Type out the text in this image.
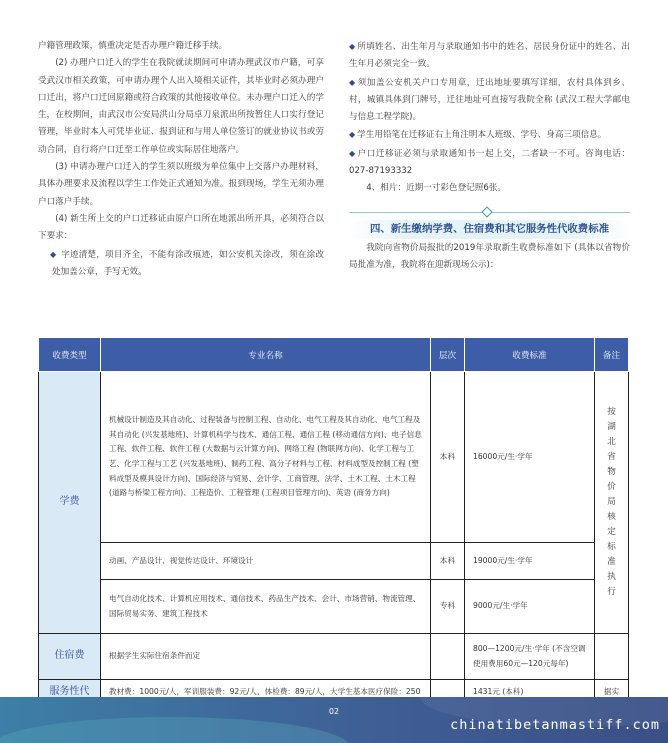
户籍管理政策，慎重决定是否办理户籍迁移手续。

(2) 办理户口迁入的学生在我院就读期间可申请办理武汉市户籍，可享受武汉市相关政策，可申请办理个人出入境相关证件，其毕业时必须办理户口迁出，将户口迁回原籍或符合政策的其他接收单位。未办理户口迁入的学生，在校期间，由武汉市公安局洪山分局卓刀泉派出所按暂住人口实行登记管理，毕业时本人可凭毕业证、报到证和与用人单位签订的就业协议书或劳动合同，自行将户口迁至工作单位或实际居住地落户。

(3) 申请办理户口迁入的学生须以班级为单位集中上交落户办理材料，具体办理要求及流程以学生工作处正式通知为准。报到现场，学生无须办理户口落户手续。

(4) 新生所上交的户口迁移证由原户口所在地派出所开具，必须符合以下要求：

◆ 字迹清楚，项目齐全，不能有涂改痕迹，如公安机关涂改，须在涂改处加盖公章，手写无效。

◆ 所填姓名、出生年月与录取通知书中的姓名、居民身份证中的姓名、出生年月必须完全一致。

◆ 须加盖公安机关户口专用章，迁出地址要填写详细，农村具体到乡、村，城镇具体到门牌号，迁往地址可直接写我院全称 (武汉工程大学邮电与信息工程学院)。

◆ 学生用铅笔在迁移证右上角注明本人班级、学号、身高三项信息。

◆ 户口迁移证必须与录取通知书一起上交，二者缺一不可。咨询电话：027-87193332

4、相片：近期一寸彩色登记照6张。

四、新生缴纳学费、住宿费和其它服务性代收费标准

我院向省物价局报批的2019年录取新生收费标准如下 (具体以省物价局批准为准，我院将在迎新现场公示)：

收费类型	专业名称	层次	收费标准	备注
学费	机械设计制造及其自动化、过程装备与控制工程、自动化、电气工程及其自动化、电气工程及其自动化 (兴发基地班)、计算机科学与技术、通信工程、通信工程 (移动通信方向)、电子信息工程、软件工程、软件工程 (大数据与云计算方向)、网络工程 (物联网方向)、化学工程与工艺、化学工程与工艺 (兴发基地班)、制药工程、高分子材料与工程、材料成型及控制工程 (塑料成型及模具设计方向)、国际经济与贸易、会计学、工商管理、法学、土木工程、土木工程 (道路与桥梁工程方向)、工程造价、工程管理 (工程项目管理方向)、英语 (商务方向)	本科	16000元/生·学年	按湖北省物价局核定标准执行
	动画、产品设计、视觉传达设计、环境设计	本科	19000元/生·学年	
	电气自动化技术、计算机应用技术、通信技术、药品生产技术、会计、市场营销、物流管理、国际贸易实务、建筑工程技术	专科	9000元/生·学年	
住宿费	根据学生实际住宿条件而定		800—1200元/生·学年 (不含空调使用费用60元—120元每年)	
服务性代	教材费：1000元/人，军训服装费：92元/人，体检费：89元/人，大学生基本医疗保险：250		1431元 (本科)	据实
02
chinatibetanmastiff.com
